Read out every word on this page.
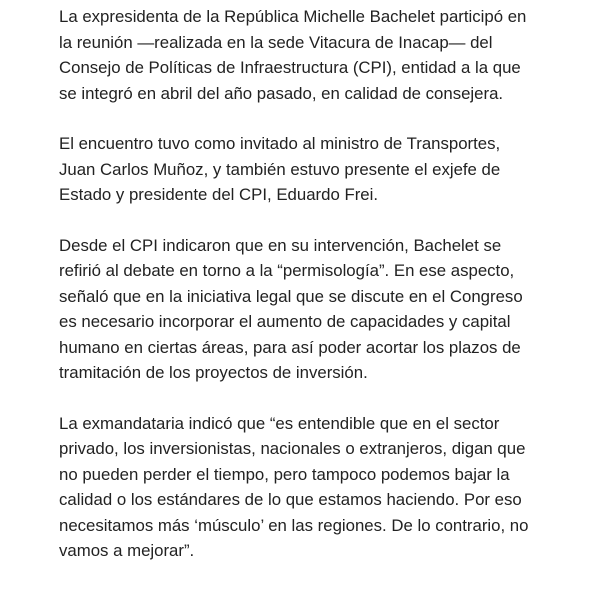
La expresidenta de la República Michelle Bachelet participó en
la reunión —realizada en la sede Vitacura de Inacap— del
Consejo de Políticas de Infraestructura (CPI), entidad a la que
se integró en abril del año pasado, en calidad de consejera.

El encuentro tuvo como invitado al ministro de Transportes,
Juan Carlos Muñoz, y también estuvo presente el exjefe de
Estado y presidente del CPI, Eduardo Frei.

Desde el CPI indicaron que en su intervención, Bachelet se
refirió al debate en torno a la “permisología”. En ese aspecto,
señaló que en la iniciativa legal que se discute en el Congreso
es necesario incorporar el aumento de capacidades y capital
humano en ciertas áreas, para así poder acortar los plazos de
tramitación de los proyectos de inversión.

La exmandataria indicó que “es entendible que en el sector
privado, los inversionistas, nacionales o extranjeros, digan que
no pueden perder el tiempo, pero tampoco podemos bajar la
calidad o los estándares de lo que estamos haciendo. Por eso
necesitamos más ‘músculo’ en las regiones. De lo contrario, no
vamos a mejorar”.
